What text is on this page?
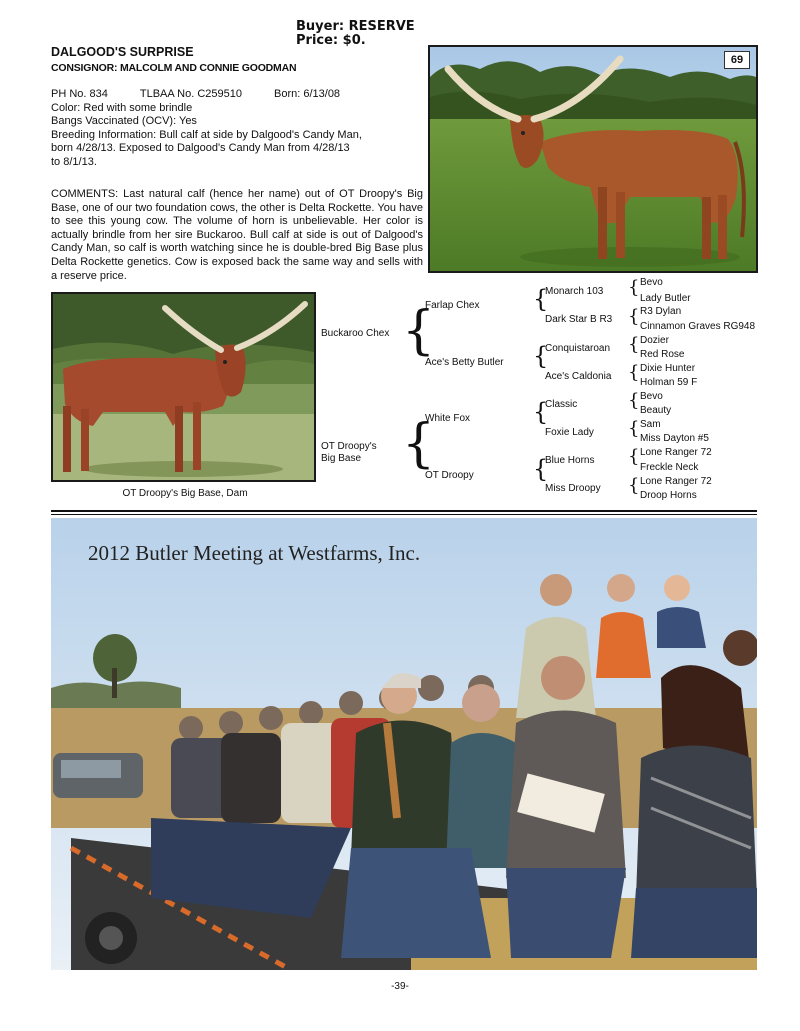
Buyer: RESERVE
Price: $0.
DALGOOD'S SURPRISE
CONSIGNOR: MALCOLM AND CONNIE GOODMAN
PH No. 834	TLBAA No. C259510	Born: 6/13/08
Color: Red with some brindle
Bangs Vaccinated (OCV): Yes
Breeding Information: Bull calf at side by Dalgood's Candy Man,
born 4/28/13. Exposed to Dalgood's Candy Man from 4/28/13
to 8/1/13.
COMMENTS: Last natural calf (hence her name) out of OT Droopy's Big Base, one of our two foundation cows, the other is Delta Rockette. You have to see this young cow. The volume of horn is unbelievable. Her color is actually brindle from her sire Buckaroo. Bull calf at side is out of Dalgood's Candy Man, so calf is worth watching since he is double-bred Big Base plus Delta Rockette genetics. Cow is exposed back the same way and sells with a reserve price.
69
OT Droopy's Big Base, Dam
Buckaroo Chex
OT Droopy's
Big Base
{
{
Farlap Chex
Ace's Betty Butler
White Fox
OT Droopy
{
{
{
{
Monarch 103
Dark Star B R3
Conquistaroan
Ace's Caldonia
Classic
Foxie Lady
Blue Horns
Miss Droopy
{
{
{
{
{
{
{
{
Bevo
Lady Butler
R3 Dylan
Cinnamon Graves RG948
Dozier
Red Rose
Dixie Hunter
Holman 59 F
Bevo
Beauty
Sam
Miss Dayton #5
Lone Ranger 72
Freckle Neck
Lone Ranger 72
Droop Horns
2012 Butler Meeting at Westfarms, Inc.
-39-
